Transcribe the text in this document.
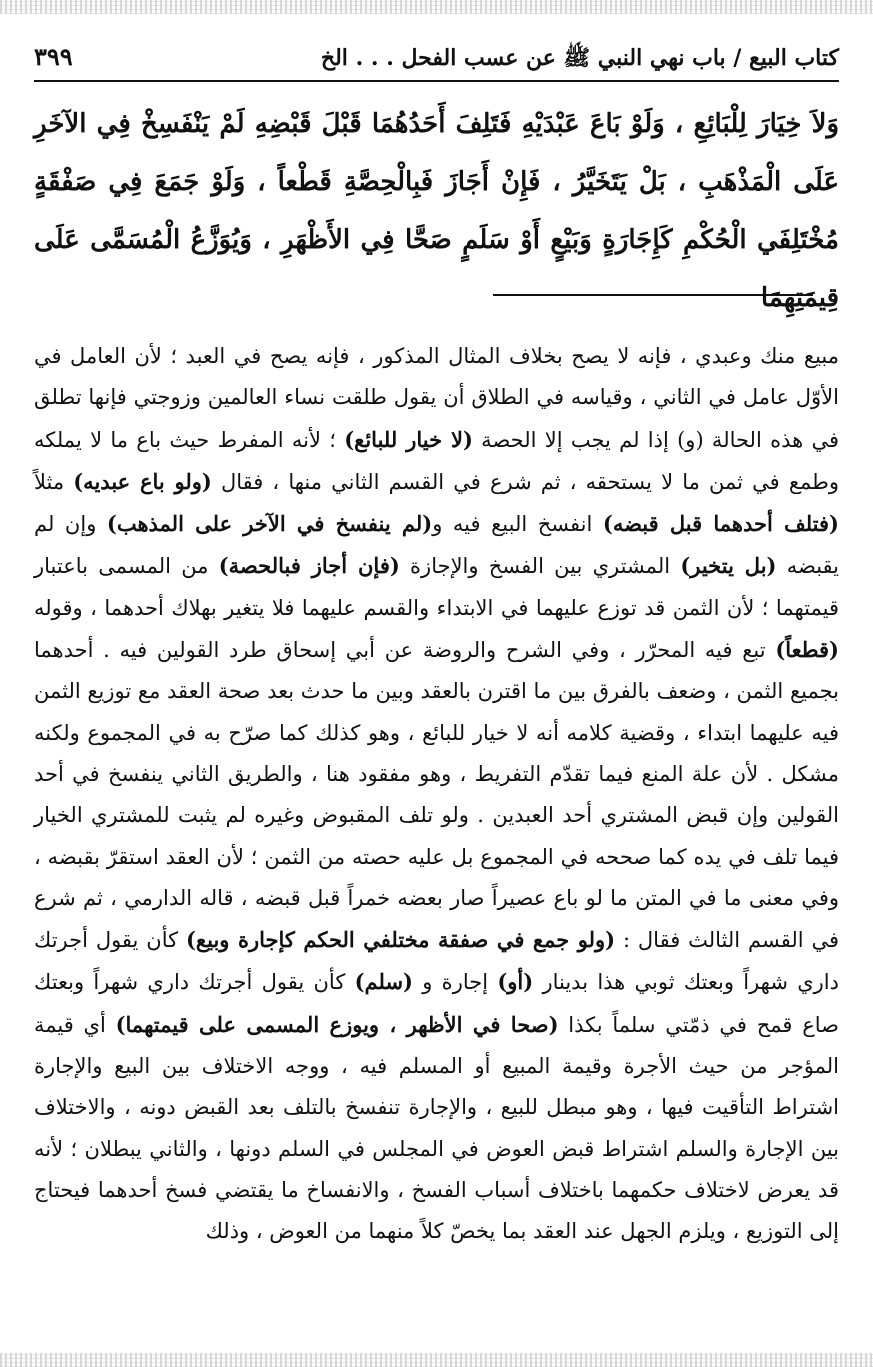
كتاب البيع / باب نهي النبي ﷺ عن عسب الفحل . . . الخ
٣٩٩
وَلاَ خِيَارَ لِلْبَائِعِ ، وَلَوْ بَاعَ عَبْدَيْهِ فَتَلِفَ أَحَدُهُمَا قَبْلَ قَبْضِهِ لَمْ يَنْفَسِخْ فِي الآخَرِ عَلَى الْمَذْهَبِ ، بَلْ يَتَخَيَّرُ ، فَإِنْ أَجَازَ فَبِالْحِصَّةِ قَطْعاً ، وَلَوْ جَمَعَ فِي صَفْقَةٍ مُخْتَلِفَي الْحُكْمِ كَإِجَارَةٍ وَبَيْعٍ أَوْ سَلَمٍ صَحَّا فِي الأَظْهَرِ ، وَيُوَزَّعُ الْمُسَمَّى عَلَى قِيمَتِهِمَا
مبيع منك وعبدي ، فإنه لا يصح بخلاف المثال المذكور ، فإنه يصح في العبد ؛ لأن العامل في الأوّل عامل في الثاني ، وقياسه في الطلاق أن يقول طلقت نساء العالمين وزوجتي فإنها تطلق في هذه الحالة (و) إذا لم يجب إلا الحصة (لا خيار للبائع) ؛ لأنه المفرط حيث باع ما لا يملكه وطمع في ثمن ما لا يستحقه ، ثم شرع في القسم الثاني منها ، فقال (ولو باع عبديه) مثلاً (فتلف أحدهما قبل قبضه) انفسخ البيع فيه و(لم ينفسخ في الآخر على المذهب) وإن لم يقبضه (بل يتخير) المشتري بين الفسخ والإجازة (فإن أجاز فبالحصة) من المسمى باعتبار قيمتهما ؛ لأن الثمن قد توزع عليهما في الابتداء والقسم عليهما فلا يتغير بهلاك أحدهما ، وقوله (قطعاً) تبع فيه المحرّر ، وفي الشرح والروضة عن أبي إسحاق طرد القولين فيه . أحدهما بجميع الثمن ، وضعف بالفرق بين ما اقترن بالعقد وبين ما حدث بعد صحة العقد مع توزيع الثمن فيه عليهما ابتداء ، وقضية كلامه أنه لا خيار للبائع ، وهو كذلك كما صرّح به في المجموع ولكنه مشكل . لأن علة المنع فيما تقدّم التفريط ، وهو مفقود هنا ، والطريق الثاني ينفسخ في أحد القولين وإن قبض المشتري أحد العبدين . ولو تلف المقبوض وغيره لم يثبت للمشتري الخيار فيما تلف في يده كما صححه في المجموع بل عليه حصته من الثمن ؛ لأن العقد استقرّ بقبضه ، وفي معنى ما في المتن ما لو باع عصيراً صار بعضه خمراً قبل قبضه ، قاله الدارمي ، ثم شرع في القسم الثالث فقال : (ولو جمع في صفقة مختلفي الحكم كإجارة وبيع) كأن يقول أجرتك داري شهراً وبعتك ثوبي هذا بدينار (أو) إجارة و (سلم) كأن يقول أجرتك داري شهراً وبعتك صاع قمح في ذمّتي سلماً بكذا (صحا في الأظهر ، ويوزع المسمى على قيمتهما) أي قيمة المؤجر من حيث الأجرة وقيمة المبيع أو المسلم فيه ، ووجه الاختلاف بين البيع والإجارة اشتراط التأقيت فيها ، وهو مبطل للبيع ، والإجارة تنفسخ بالتلف بعد القبض دونه ، والاختلاف بين الإجارة والسلم اشتراط قبض العوض في المجلس في السلم دونها ، والثاني يبطلان ؛ لأنه قد يعرض لاختلاف حكمهما باختلاف أسباب الفسخ ، والانفساخ ما يقتضي فسخ أحدهما فيحتاج إلى التوزيع ، ويلزم الجهل عند العقد بما يخصّ كلاً منهما من العوض ، وذلك
